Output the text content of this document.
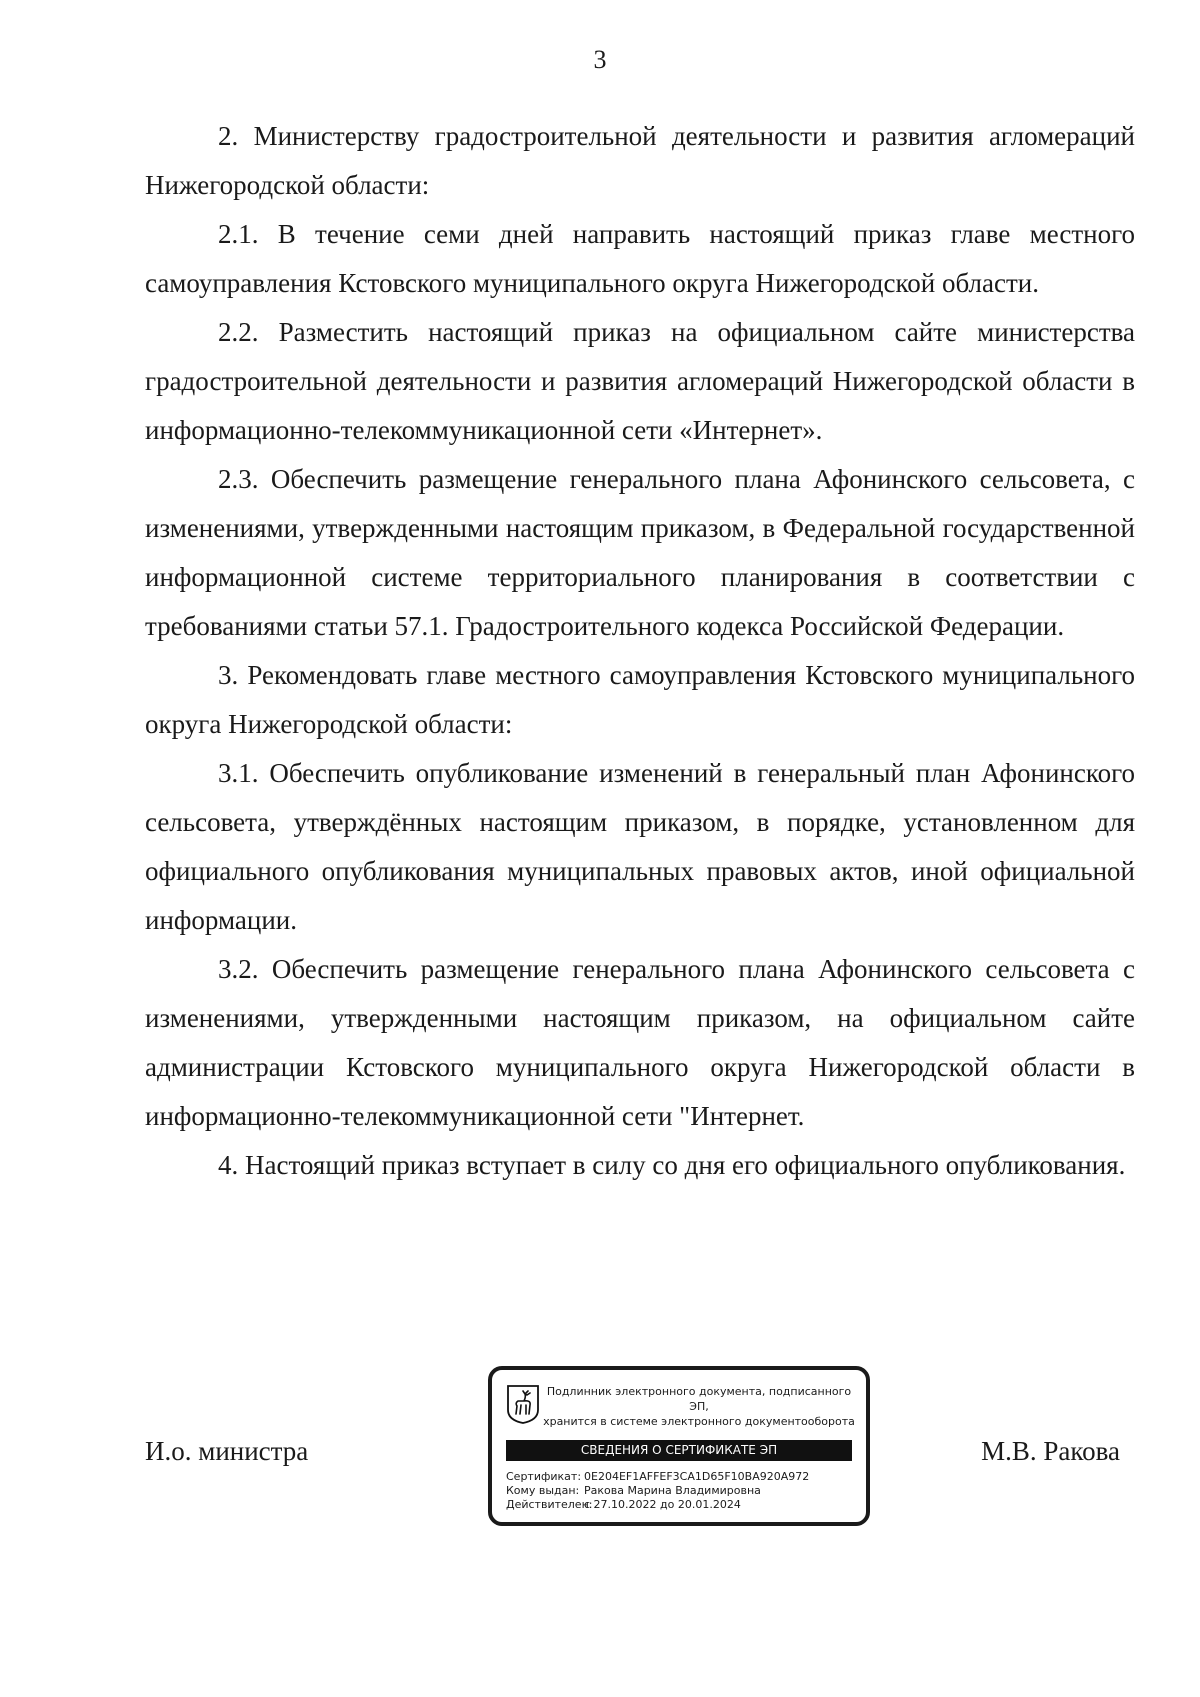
3

2. Министерству градостроительной деятельности и развития агломераций Нижегородской области:

2.1. В течение семи дней направить настоящий приказ главе местного самоуправления Кстовского муниципального округа Нижегородской области.

2.2. Разместить настоящий приказ на официальном сайте министерства градостроительной деятельности и развития агломераций Нижегородской области в информационно-телекоммуникационной сети «Интернет».

2.3. Обеспечить размещение генерального плана Афонинского сельсовета, с изменениями, утвержденными настоящим приказом, в Федеральной государственной информационной системе территориального планирования в соответствии с требованиями статьи 57.1. Градостроительного кодекса Российской Федерации.

3. Рекомендовать главе местного самоуправления Кстовского муниципального округа Нижегородской области:

3.1. Обеспечить опубликование изменений в генеральный план Афонинского сельсовета, утверждённых настоящим приказом, в порядке, установленном для официального опубликования муниципальных правовых актов, иной официальной информации.

3.2. Обеспечить размещение генерального плана Афонинского сельсовета с изменениями, утвержденными настоящим приказом, на официальном сайте администрации Кстовского муниципального округа Нижегородской области в информационно-телекоммуникационной сети "Интернет.

4. Настоящий приказ вступает в силу со дня его официального опубликования.

И.о. министра
Подлинник электронного документа, подписанного ЭП,
хранится в системе электронного документооборота
СВЕДЕНИЯ О СЕРТИФИКАТЕ ЭП
Сертификат: 0E204EF1AFFEF3CA1D65F10BA920A972
Кому выдан: Ракова Марина Владимировна
Действителен:с 27.10.2022 до 20.01.2024
М.В. Ракова
